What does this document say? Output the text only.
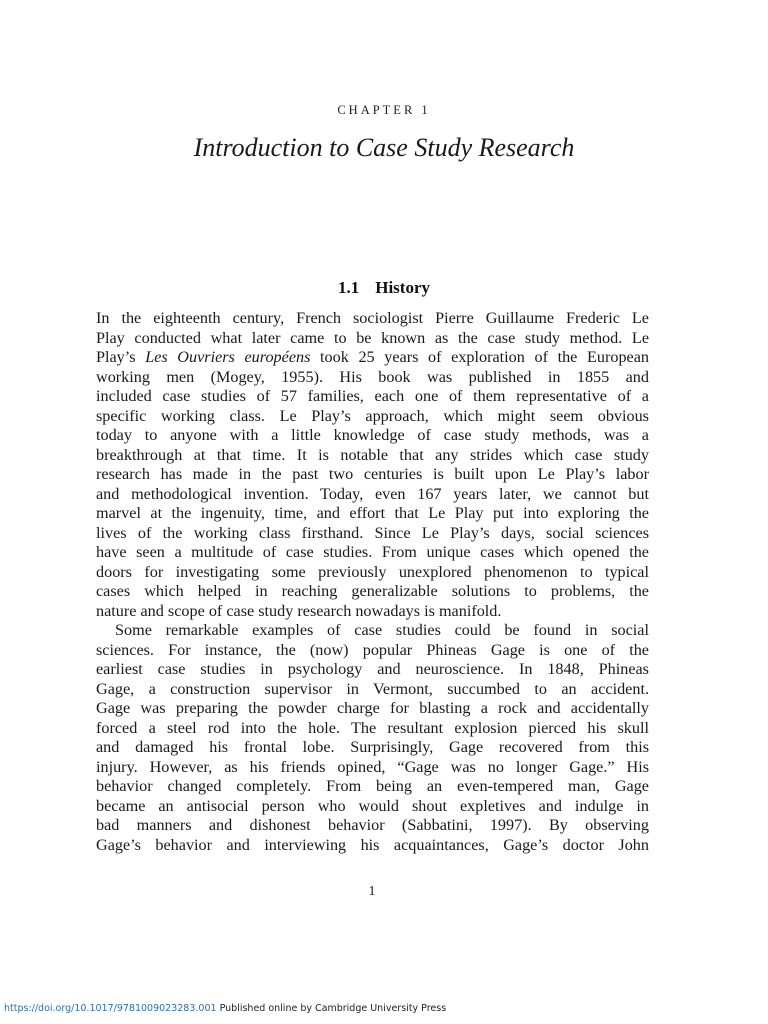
CHAPTER 1
Introduction to Case Study Research
1.1 History
In the eighteenth century, French sociologist Pierre Guillaume Frederic Le
Play conducted what later came to be known as the case study method. Le
Play’s Les Ouvriers européens took 25 years of exploration of the European
working men (Mogey, 1955). His book was published in 1855 and
included case studies of 57 families, each one of them representative of a
specific working class. Le Play’s approach, which might seem obvious
today to anyone with a little knowledge of case study methods, was a
breakthrough at that time. It is notable that any strides which case study
research has made in the past two centuries is built upon Le Play’s labor
and methodological invention. Today, even 167 years later, we cannot but
marvel at the ingenuity, time, and effort that Le Play put into exploring the
lives of the working class firsthand. Since Le Play’s days, social sciences
have seen a multitude of case studies. From unique cases which opened the
doors for investigating some previously unexplored phenomenon to typical
cases which helped in reaching generalizable solutions to problems, the
nature and scope of case study research nowadays is manifold.
Some remarkable examples of case studies could be found in social
sciences. For instance, the (now) popular Phineas Gage is one of the
earliest case studies in psychology and neuroscience. In 1848, Phineas
Gage, a construction supervisor in Vermont, succumbed to an accident.
Gage was preparing the powder charge for blasting a rock and accidentally
forced a steel rod into the hole. The resultant explosion pierced his skull
and damaged his frontal lobe. Surprisingly, Gage recovered from this
injury. However, as his friends opined, “Gage was no longer Gage.” His
behavior changed completely. From being an even-tempered man, Gage
became an antisocial person who would shout expletives and indulge in
bad manners and dishonest behavior (Sabbatini, 1997). By observing
Gage’s behavior and interviewing his acquaintances, Gage’s doctor John
1
https://doi.org/10.1017/9781009023283.001 Published online by Cambridge University Press
